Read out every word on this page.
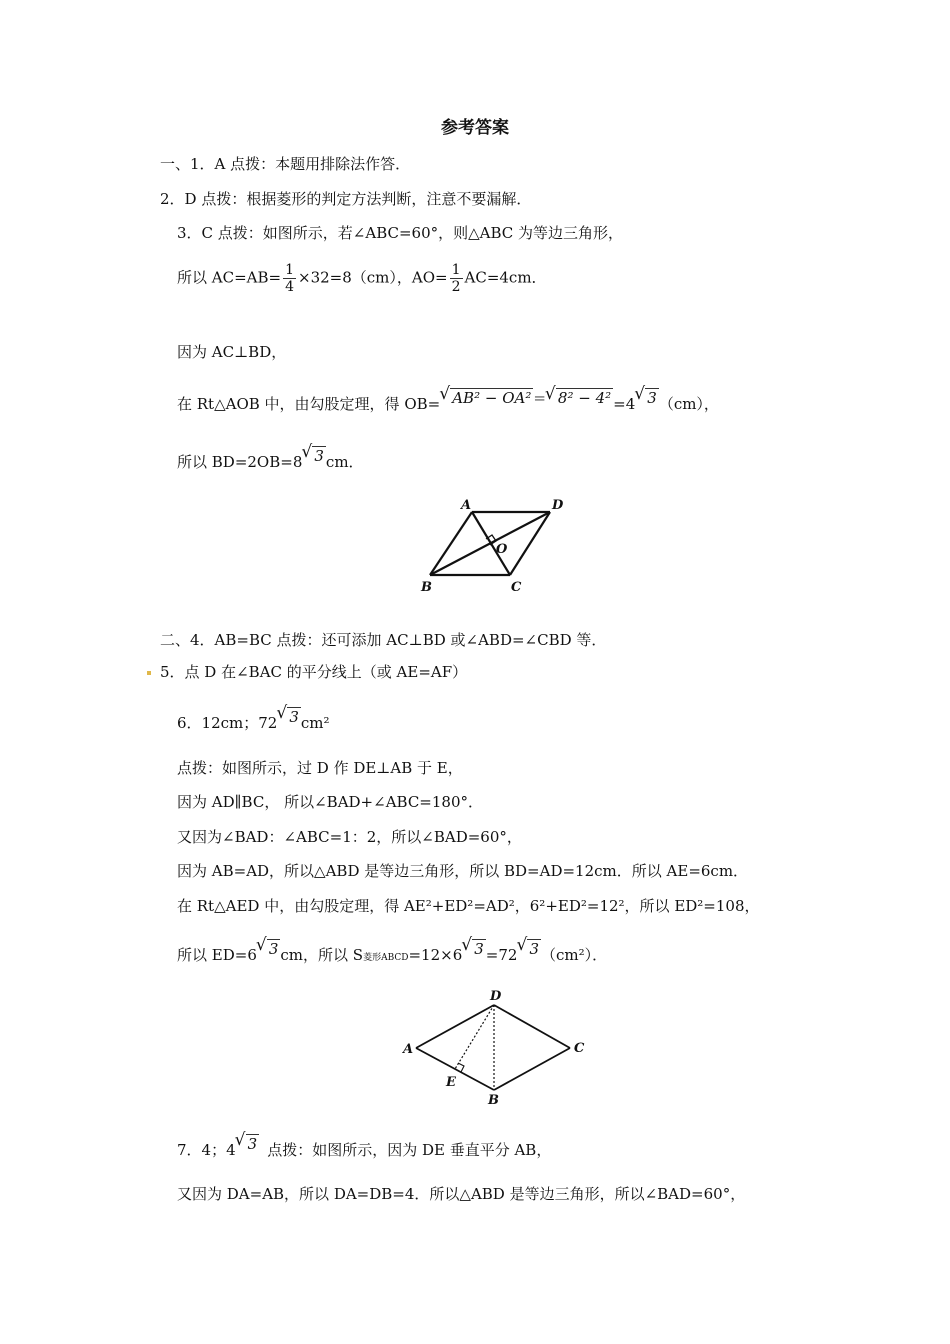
参考答案
一、1．A 点拨：本题用排除法作答．
2．D 点拨：根据菱形的判定方法判断，注意不要漏解．
3．C 点拨：如图所示，若∠ABC=60°，则△ABC 为等边三角形，
所以 $AC=AB= \frac{1}{4} \times 32=8(cm)$，$AO= \frac{1}{2} AC=4cm$．
因为 AC⊥BD，
在 Rt△AOB 中，由勾股定理，得 OB= √ AB² − OA² = √ 8² − 4² =4 √ 3 （cm），
所以 BD=2OB=8 √ 3 cm．
A	D
O
B	C
二、4．AB=BC 点拨：还可添加 AC⊥BD 或∠ABD=∠CBD 等．
5．点 D 在∠BAC 的平分线上（或 AE=AF）
6．12cm；72 √ 3 cm²
点拨：如图所示，过 D 作 DE⊥AB 于 E，
因为 AD∥BC， 所以∠BAD+∠ABC=180°．
又因为∠BAD：∠ABC=1：2，所以∠BAD=60°，
因为 AB=AD，所以△ABD 是等边三角形，所以 BD=AD=12cm．所以 AE=6cm．
在 Rt△AED 中，由勾股定理，得 AE²+ED²=AD²，6²+ED²=12²，所以 ED²=108，
所以 ED=6 √ 3 cm，所以 S菱形ABCD=12×6 √ 3 =72 √ 3 （cm²）．
D
A	C
E
B
7．4；4 √ 3 点拨：如图所示，因为 DE 垂直平分 AB，
又因为 DA=AB，所以 DA=DB=4．所以△ABD 是等边三角形，所以∠BAD=60°，
